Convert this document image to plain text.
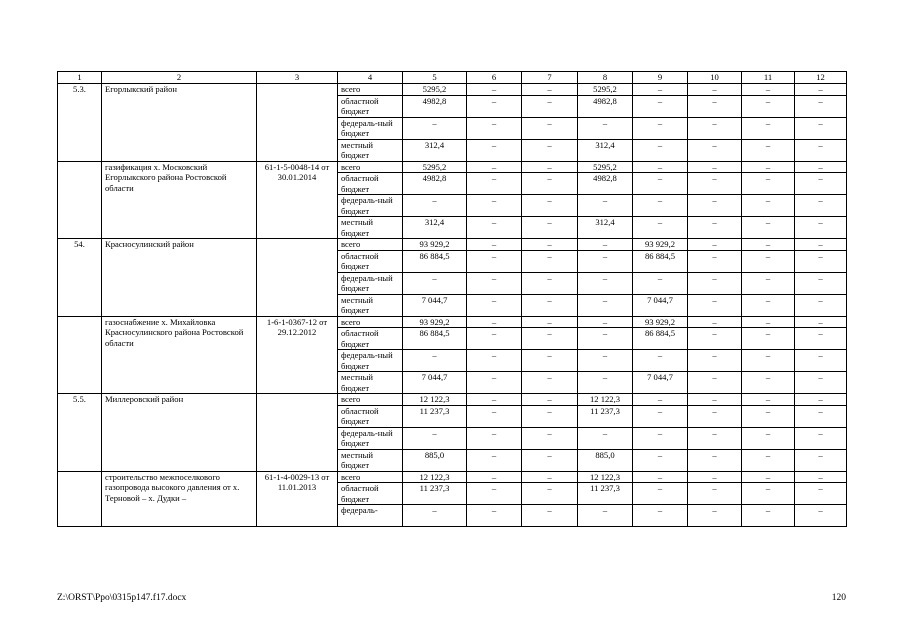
1	2	3	4	5	6	7	8	9	10	11	12
5.3.	Егорлыкский район		всего	5295,2	–	–	5295,2	–	–	–	–
			областной бюджет	4982,8	–	–	4982,8	–	–	–	–
			федераль-ный бюджет	–	–	–	–	–	–	–	–
			местный бюджет	312,4	–	–	312,4	–	–	–	–
	газификация х. Московский Егорлыкского района Ростовской области	61-1-5-0048-14 от 30.01.2014	всего	5295,2	–	–	5295,2	–	–	–	–
			областной бюджет	4982,8	–	–	4982,8	–	–	–	–
			федераль-ный бюджет	–	–	–	–	–	–	–	–
			местный бюджет	312,4	–	–	312,4	–	–	–	–
54.	Красносулинский район		всего	93 929,2	–	–	–	93 929,2	–	–	–
			областной бюджет	86 884,5	–	–	–	86 884,5	–	–	–
			федераль-ный бюджет	–	–	–	–	–	–	–	–
			местный бюджет	7 044,7	–	–	–	7 044,7	–	–	–
	газоснабжение х. Михайловка Красносулинского района Ростовской области	1-6-1-0367-12 от 29.12.2012	всего	93 929,2	–	–	–	93 929,2	–	–	–
			областной бюджет	86 884,5	–	–	–	86 884,5	–	–	–
			федераль-ный бюджет	–	–	–	–	–	–	–	–
			местный бюджет	7 044,7	–	–	–	7 044,7	–	–	–
5.5.	Миллеровский район		всего	12 122,3	–	–	12 122,3	–	–	–	–
			областной бюджет	11 237,3	–	–	11 237,3	–	–	–	–
			федераль-ный бюджет	–	–	–	–	–	–	–	–
			местный бюджет	885,0	–	–	885,0	–	–	–	–
	строительство межпоселкового газопровода высокого давления от х. Терновой – х. Дудки –	61-1-4-0029-13 от 11.01.2013	всего	12 122,3	–	–	12 122,3	–	–	–	–
			областной бюджет	11 237,3	–	–	11 237,3	–	–	–	–
			федераль-	–	–	–	–	–	–	–	–
Z:\ORST\Ppo\0315p147.f17.docx	120
